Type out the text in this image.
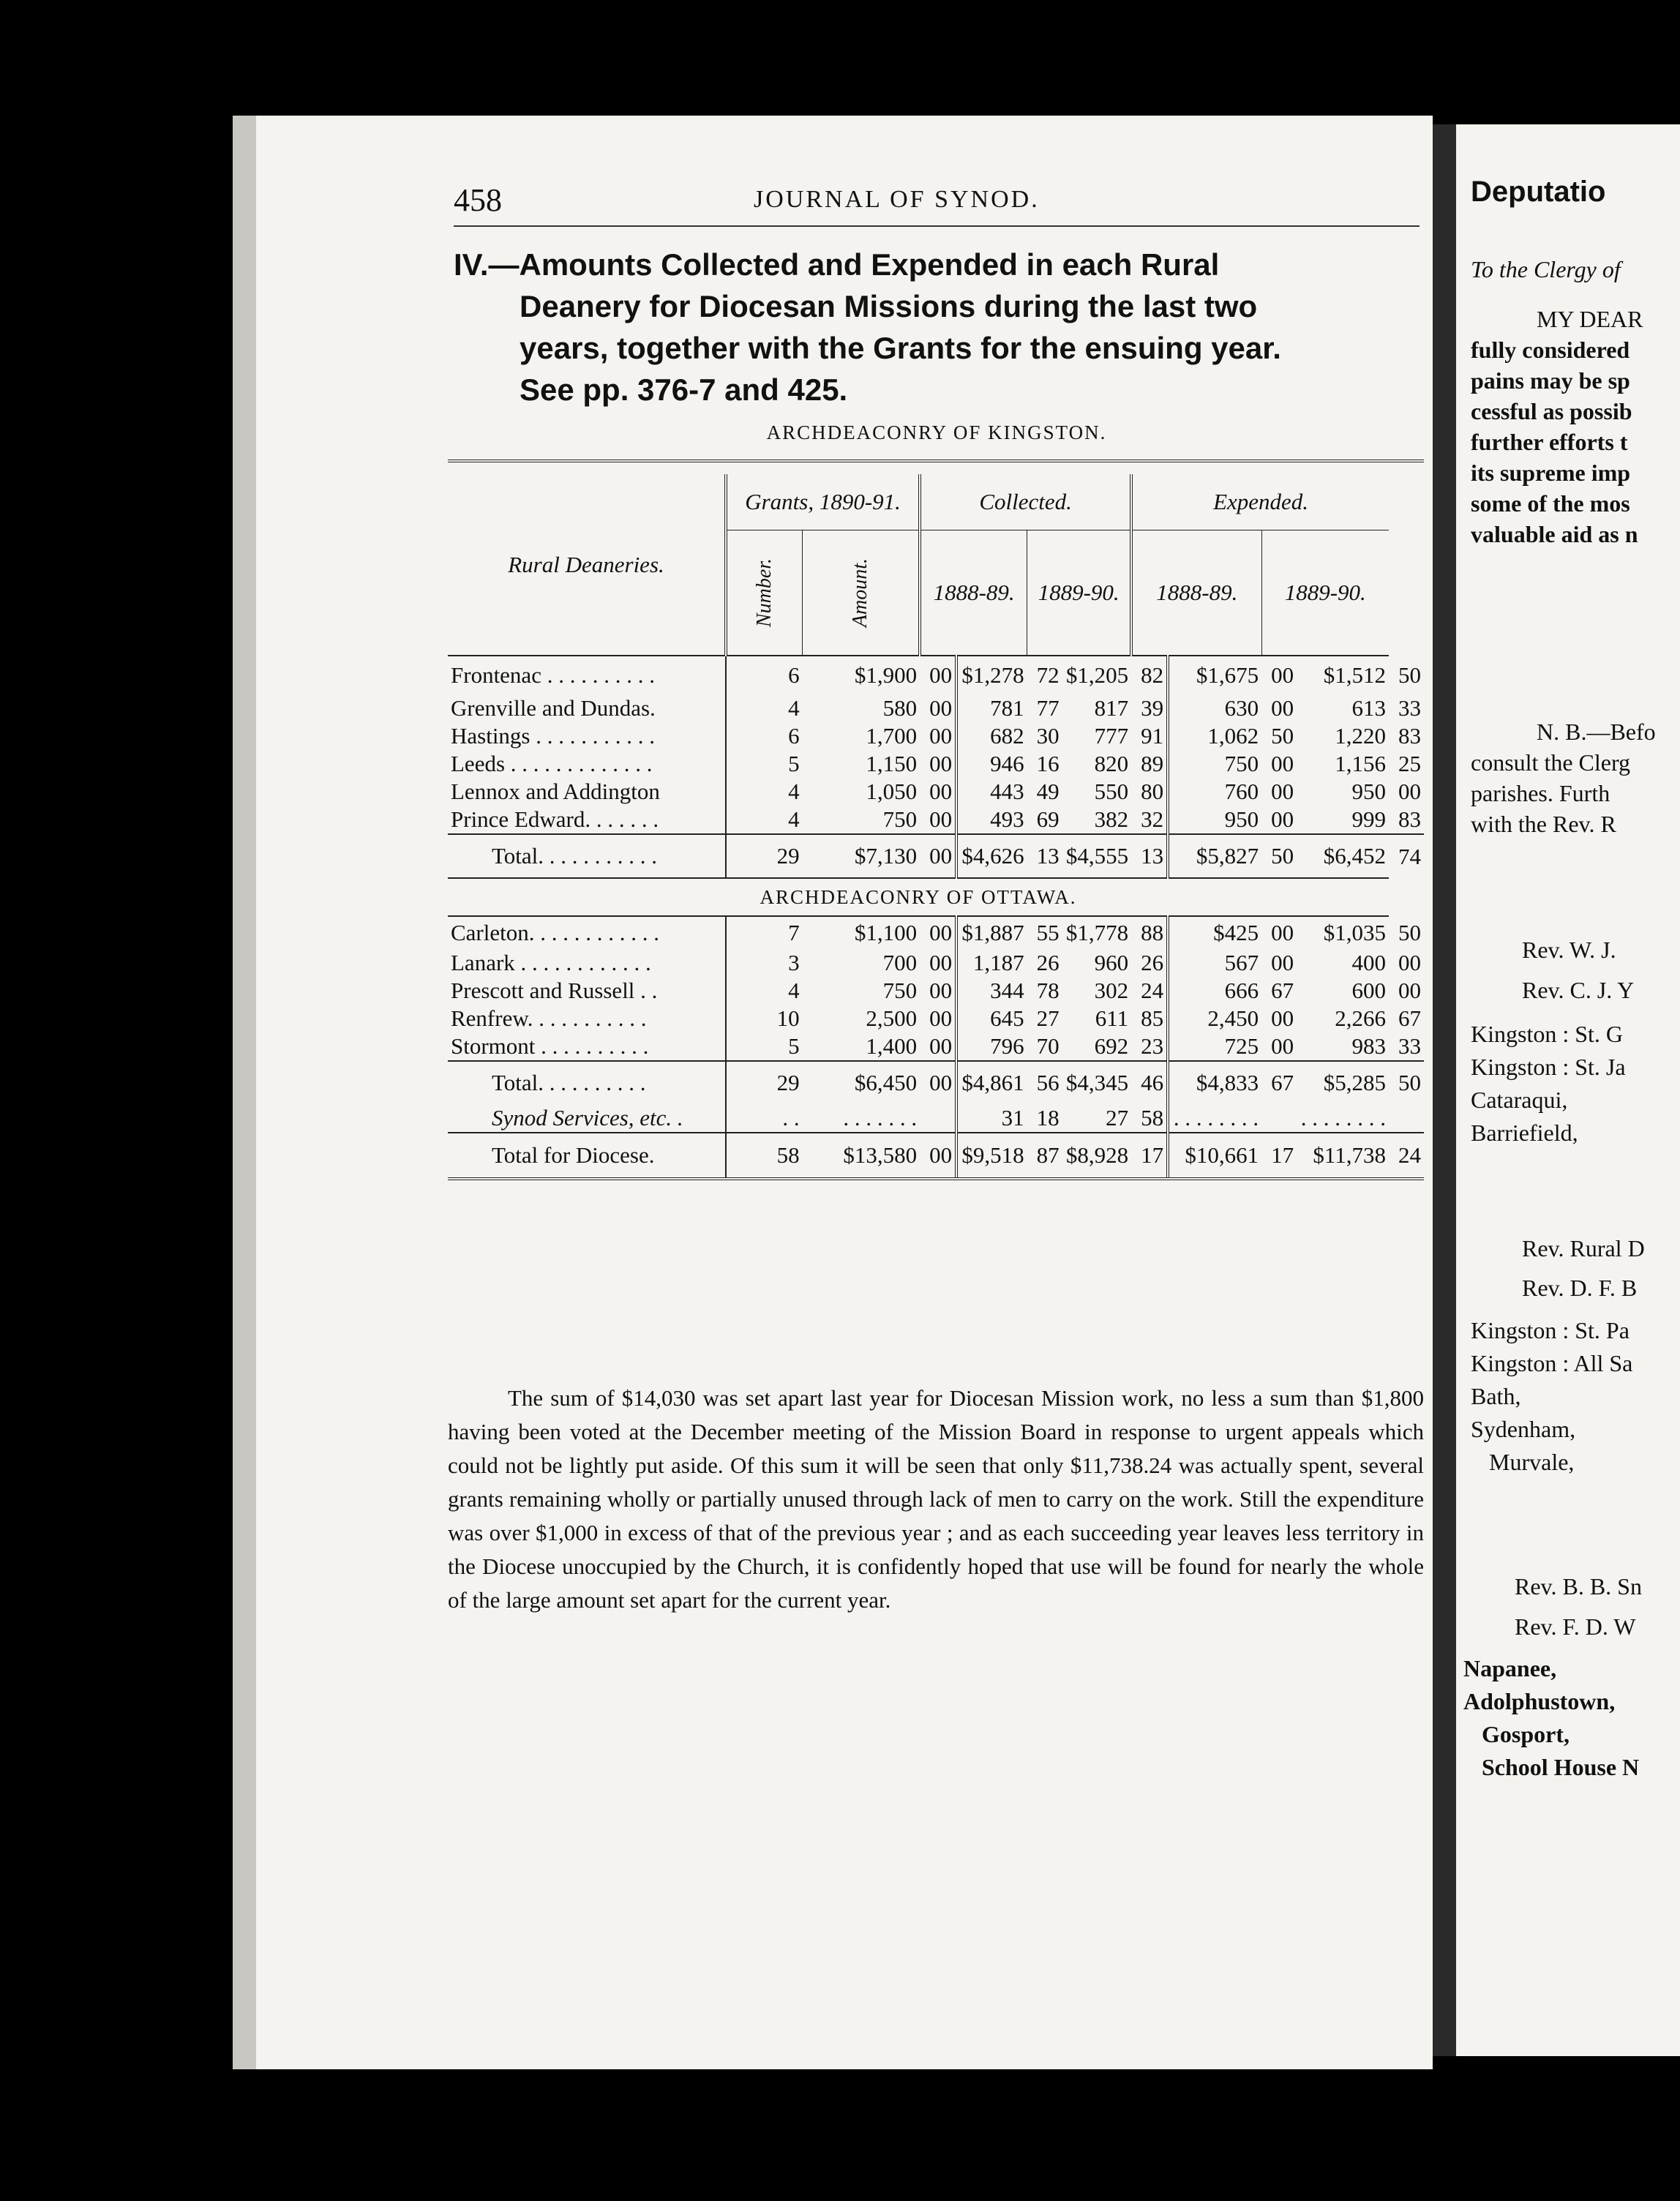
458	JOURNAL OF SYNOD.
IV.—Amounts Collected and Expended in each Rural
Deanery for Diocesan Missions during the last two
years, together with the Grants for the ensuing year.
See pp. 376-7 and 425.
ARCHDEACONRY OF KINGSTON.
Rural Deaneries.	Grants, 1890-91.		Collected.				Expended.				

	Number.	Amount.	1888-89.		1889-90.		1888-89.		1889-90.		
Frontenac . . . . . . . . . .	6	$1,900	00	$1,278	72	$1,205	82	$1,675	00	$1,512	50
Grenville and Dundas.	4	580	00	781	77	817	39	630	00	613	33
Hastings . . . . . . . . . . .	6	1,700	00	682	30	777	91	1,062	50	1,220	83
Leeds . . . . . . . . . . . . .	5	1,150	00	946	16	820	89	750	00	1,156	25
Lennox and Addington	4	1,050	00	443	49	550	80	760	00	950	00
Prince Edward. . . . . . .	4	750	00	493	69	382	32	950	00	999	83
Total. . . . . . . . . . .	29	$7,130	00	$4,626	13	$4,555	13	$5,827	50	$6,452	74
ARCHDEACONRY OF OTTAWA.											
Carleton. . . . . . . . . . . .	7	$1,100	00	$1,887	55	$1,778	88	$425	00	$1,035	50
Lanark . . . . . . . . . . . .	3	700	00	1,187	26	960	26	567	00	400	00
Prescott and Russell . .	4	750	00	344	78	302	24	666	67	600	00
Renfrew. . . . . . . . . . .	10	2,500	00	645	27	611	85	2,450	00	2,266	67
Stormont . . . . . . . . . .	5	1,400	00	796	70	692	23	725	00	983	33
Total. . . . . . . . . .	29	$6,450	00	$4,861	56	$4,345	46	$4,833	67	$5,285	50
Synod Services, etc. .	. .	. . . . . . .		31	18	27	58	. . . . . . . .		. . . . . . . .	
Total for Diocese.	58	$13,580	00	$9,518	87	$8,928	17	$10,661	17	$11,738	24

The sum of $14,030 was set apart last year for Diocesan Mission work, no less a sum than $1,800 having been voted at the December meeting of the Mission Board in response to urgent appeals which could not be lightly put aside. Of this sum it will be seen that only $11,738.24 was actually spent, several grants remaining wholly or partially unused through lack of men to carry on the work. Still the expenditure was over $1,000 in excess of that of the previous year ; and as each succeeding year leaves less territory in the Diocese unoccupied by the Church, it is confidently hoped that use will be found for nearly the whole of the large amount set apart for the current year.

Deputatio
To the Clergy of
MY DEAR
fully considered
pains may be sp
cessful as possib
further efforts t
its supreme imp
some of the mos
valuable aid as n
N. B.—Befo
consult the Clerg
parishes. Furth
with the Rev. R
Rev. W. J.
Rev. C. J. Y
Kingston : St. G
Kingston : St. Ja
Cataraqui,
Barriefield,
Rev. Rural D
Rev. D. F. B
Kingston : St. Pa
Kingston : All Sa
Bath,
Sydenham,
Murvale,
Rev. B. B. Sn
Rev. F. D. W
Napanee,
Adolphustown,
Gosport,
School House N
